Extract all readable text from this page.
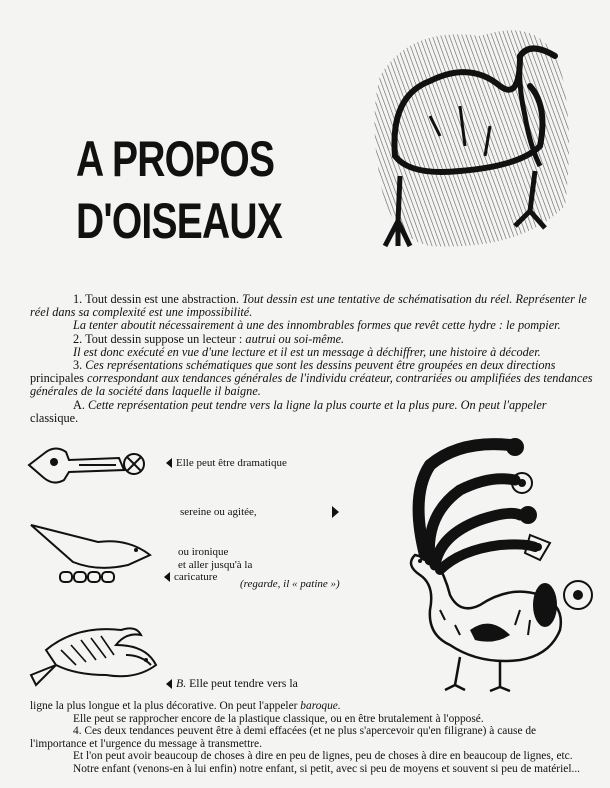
A PROPOS
D'OISEAUX

1. Tout dessin est une abstraction. Tout dessin est une tentative de schématisation du réel. Représenter le réel dans sa complexité est une impossibilité.

La tenter aboutit nécessairement à une des innombrables formes que revêt cette hydre : le pompier.

2. Tout dessin suppose un lecteur : autrui ou soi-même.

Il est donc exécuté en vue d'une lecture et il est un message à déchiffrer, une histoire à décoder.

3. Ces représentations schématiques que sont les dessins peuvent être groupées en deux directions principales correspondant aux tendances générales de l'individu créateur, contrariées ou amplifiées des tendances générales de la société dans laquelle il baigne.

A. Cette représentation peut tendre vers la ligne la plus courte et la plus pure. On peut l'appeler classique.

Elle peut être dramatique
sereine ou agitée,
ou ironique
et aller jusqu'à la
caricature
(regarde, il « patine »)
B. Elle peut tendre vers la
ligne la plus longue et la plus décorative. On peut l'appeler baroque.
Elle peut se rapprocher encore de la plastique classique, ou en être brutalement à l'opposé.
4. Ces deux tendances peuvent être à demi effacées (et ne plus s'apercevoir qu'en filigrane) à cause de l'importance et l'urgence du message à transmettre.
Et l'on peut avoir beaucoup de choses à dire en peu de lignes, peu de choses à dire en beaucoup de lignes, etc.
Notre enfant (venons-en à lui enfin) notre enfant, si petit, avec si peu de moyens et souvent si peu de matériel...
